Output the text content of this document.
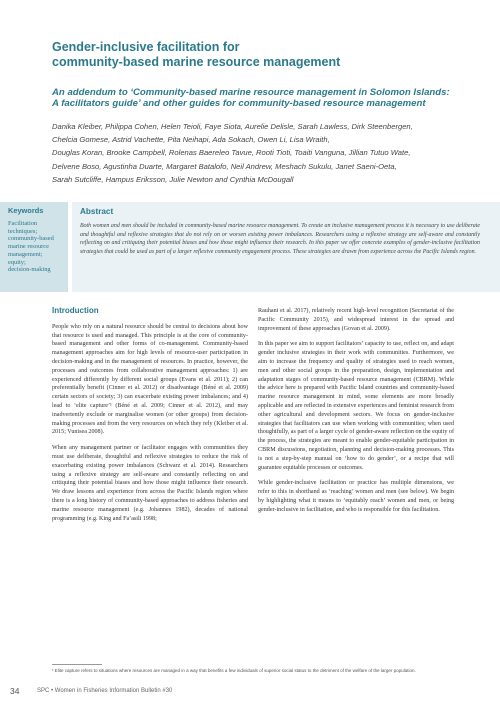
Gender-inclusive facilitation for
community-based marine resource management
An addendum to ‘Community-based marine resource management in Solomon Islands:
A facilitators guide’ and other guides for community-based resource management
Danika Kleiber, Philippa Cohen, Helen Teioli, Faye Siota, Aurelie Delisle, Sarah Lawless, Dirk Steenbergen,
Chelcia Gomese, Astrid Vachette, Pita Neihapi, Ada Sokach, Owen Li, Lisa Wraith,
Douglas Koran, Brooke Campbell, Rolenas Baereleo Tavue, Rooti Tioti, Toaiti Vanguna, Jillian Tutuo Wate,
Delvene Boso, Agustinha Duarte, Margaret Batalofo, Neil Andrew, Meshach Sukulu, Janet Saeni-Oeta,
Sarah Sutcliffe, Hampus Eriksson, Julie Newton and Cynthia McDougall
Keywords
Facilitation techniques;
community-based marine resource management;
equity;
decision-making
Abstract
Both women and men should be included in community-based marine resource management. To create an inclusive management process it is necessary to use deliberate and thoughtful and reflexive strategies that do not rely on or worsen existing power imbalances. Researchers using a reflexive strategy are self-aware and constantly reflecting on and critiquing their potential biases and how those might influence their research. In this paper we offer concrete examples of gender-inclusive facilitation strategies that could be used as part of a larger reflexive community engagement process. These strategies are drawn from experience across the Pacific Islands region.
Introduction

People who rely on a natural resource should be central to decisions about how that resource is used and managed. This principle is at the core of community-based management and other forms of co-management. Community-based management approaches aim for high levels of resource-user participation in decision-making and in the management of resources. In practice, however, the processes and outcomes from collaborative management approaches: 1) are experienced differently by different social groups (Evans et al. 2011); 2) can preferentially benefit (Cinner et al. 2012) or disadvantage (Béné et al. 2009) certain sectors of society; 3) can exacerbate existing power imbalances; and 4) lead to ‘elite capture’¹ (Béné et al. 2009; Cinner et al. 2012), and may inadvertently exclude or marginalise women (or other groups) from decision-making processes and from the very resources on which they rely (Kleiber et al. 2015; Vunisea 2008).

When any management partner or facilitator engages with communities they must use deliberate, thoughtful and reflexive strategies to reduce the risk of exacerbating existing power imbalances (Schwarz et al. 2014). Researchers using a reflexive strategy are self-aware and constantly reflecting on and critiquing their potential biases and how those might influence their research. We draw lessons and experience from across the Pacific Islands region where there is a long history of community-based approaches to address fisheries and marine resource management (e.g. Johannes 1982), decades of national programming (e.g. King and Fa’asili 1998;

Rauhani et al. 2017), relatively recent high-level recognition (Secretariat of the Pacific Community 2015), and widespread interest in the spread and improvement of these approaches (Govan et al. 2009).

In this paper we aim to support facilitators’ capacity to use, reflect on, and adapt gender inclusive strategies in their work with communities. Furthermore, we aim to increase the frequency and quality of strategies used to reach women, men and other social groups in the preparation, design, implementation and adaptation stages of community-based resource management (CBRM). While the advice here is prepared with Pacific Island countries and community-based marine resource management in mind, some elements are more broadly applicable and are reflected in extensive experiences and feminist research from other agricultural and development sectors. We focus on gender-inclusive strategies that facilitators can use when working with communities; when used thoughtfully, as part of a larger cycle of gender-aware reflection on the equity of the process, the strategies are meant to enable gender-equitable participation in CBRM discussions, negotiation, planning and decision-making processes. This is not a step-by-step manual on ‘how to do gender’, or a recipe that will guarantee equitable processes or outcomes.

While gender-inclusive facilitation or practice has multiple dimensions, we refer to this in shorthand as ‘reaching’ women and men (see below). We begin by highlighting what it means to ‘equitably reach’ women and men, or being gender-inclusive in facilitation, and who is responsible for this facilitation.

¹ Elite capture refers to situations where resources are managed in a way that benefits a few individuals of superior social status to the detriment of the welfare of the larger population.
34	SPC • Women in Fisheries Information Bulletin #30
